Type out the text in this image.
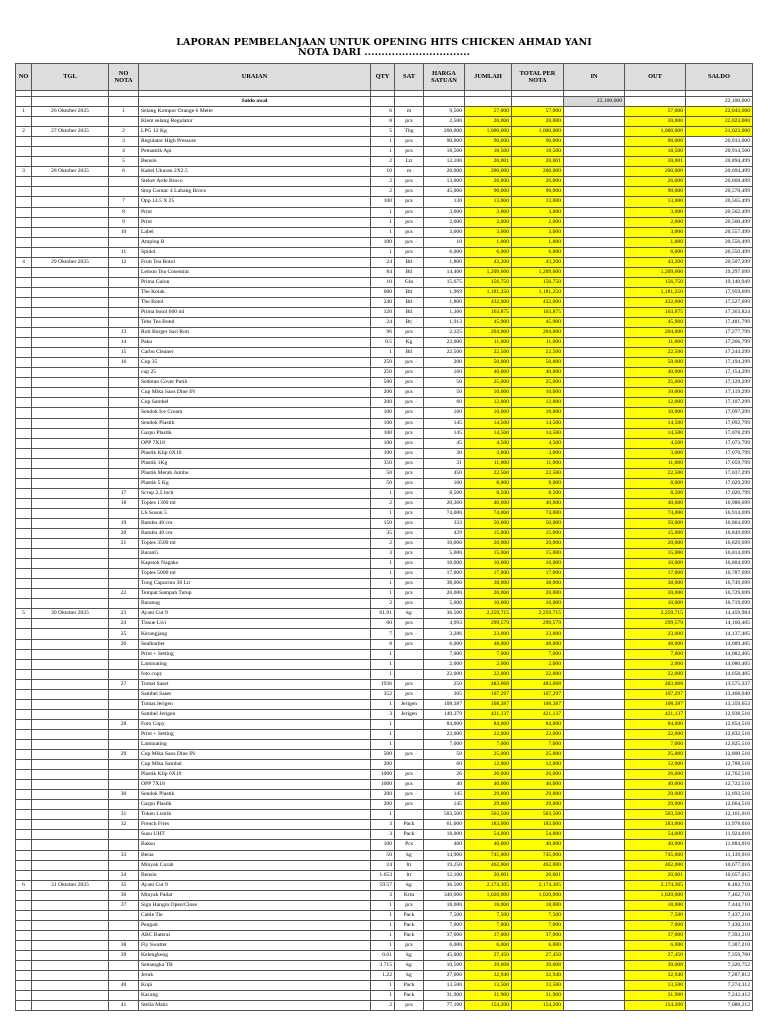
LAPORAN PEMBELANJAAN UNTUK OPENING HITS CHICKEN AHMAD YANI
NOTA DARI ...............................
NO	TGL	NO NOTA	URAIAN	QTY	SAT	HARGA SATUAN	JUMLAH	TOTAL PER NOTA	IN	OUT	SALDO

			Saldo awal						22,100,000		22,100,000
1	26 Oktober 2025	1	Selang Kompor Orange 6 Meter	6	m	9,500	57,000	57,000		57,000	22,043,000
			Klem selang Regulator	8	pcs	2,500	20,000	20,000		20,000	22,023,000
2	27 Oktober 2025	2	LPG 12 Kg	5	Tbg	200,000	1,000,000	1,000,000		1,000,000	21,023,000
		3	Regulator High Pressure	1	pcs	90,000	90,000	90,000		90,000	20,933,000
		4	Pemantik Api	1	pcs	18,500	18,500	18,500		18,500	20,914,500
		5	Bensin	2	Ltr	12,100	20,001	20,001		20,001	20,894,499
3	28 Oktober 2025	6	Kabel Ukuran 2X2.5	10	m	20,000	200,000	200,000		200,000	20,694,499
			Steker Arde Broco	2	pcs	13,000	26,000	26,000		26,000	20,668,499
			Stop Contac 4 Lubang Broco	2	pcs	45,000	90,000	90,000		90,000	20,578,499
		7	Opp 14.5 X 25	100	pcs	130	13,000	13,000		13,000	20,565,499
		8	Print	1	pcs	3,000	3,000	3,000		3,000	20,562,499
		9	Print	1	pcs	2,000	2,000	2,000		2,000	20,560,499
		10	Label	1	pcs	3,000	3,000	3,000		3,000	20,557,499
			Amplop B	100	pcs	10	1,000	1,000		1,000	20,556,499
		11	Spidol	1	pcs	6,000	6,000	6,000		6,000	20,550,499
4	29 Oktober 2025	12	Fruit Tea Botol	24	Btl	1,800	43,200	43,200		43,200	20,507,299
			Lemon Tea Cosentrat	84	Btl	14,400	1,209,600	1,209,600		1,209,600	19,297,699
			Prima Galon	10	Gln	15,675	156,750	156,750		156,750	19,140,949
			The Kotak	600	Btl	1,969	1,181,250	1,181,250		1,181,250	17,959,699
			The Botol	240	Btl	1,800	432,000	432,000		432,000	17,527,699
			Prima botol 600 ml	120	Btl	1,366	163,875	163,875		163,875	17,363,824
			Tebs Tea Botol	24	Bt;	1,913	45,900	45,900		45,900	17,481,799
		13	Roti Burger Sari Roti	96	pcs	2,125	204,000	204,000		204,000	17,277,799
		14	Paku	0.5	Kg	22,000	11,000	11,000		11,000	17,266,799
		15	Carbu Cleaner	1	Btl	22,500	22,500	22,500		22,500	17,244,299
		16	Cup 35	250	pcs	200	50,000	50,000		50,000	17,194,299
			cup 25	250	pcs	160	40,000	40,000		40,000	17,154,299
			Sedotan Cover Putih	500	pcs	50	25,000	25,000		25,000	17,129,299
			Cup Mika Saos Dine IN	200	pcs	50	10,000	10,000		10,000	17,119,299
			Cup Sambel	200	pcs	60	12,000	12,000		12,000	17,107,299
			Sendok Ice Cream	100	pcs	100	10,000	10,000		10,000	17,097,299
			Sendok Plastik	100	pcs	145	14,500	14,500		14,500	17,092,799
			Garpu Plastik	100	pcs	145	14,500	14,500		14,500	17,078,299
			OPP 7X18	100	pcs	45	4,500	4,500		4,500	17,073,799
			Plastik Klip 6X10	100	pcs	30	3,000	3,000		3,000	17,070,799
			Plastik 1Kg	350	pcs	31	11,000	11,000		11,000	17,059,799
			Plastik Merah Jumbo	50	pcs	450	22,500	22,500		22,500	17,037,299
			Plastik 5 Kg	50	pcs	160	8,000	8,000		8,000	17,029,299
		17	Scrup 2,5 inch	1	pcs	8,500	8,500	8,500		8,500	17,020,799
		18	Toples 1300 ml	2	pcs	20,300	40,600	40,600		40,600	16,988,699
			LS Susun 5	1	pcs	74,000	74,000	74,000		74,000	16,914,699
		19	Bambu 40 cm	150	pcs	333	50,000	50,000		50,000	16,864,699
		20	Bambu 40 cm	35	pcs	429	15,000	15,000		15,000	16,849,699
		21	Toples 3500 ml	2	pcs	10,000	20,000	20,000		20,000	16,829,699
			BaranG	3	pcs	5,000	15,000	15,000		15,000	16,814,699
			Kapstok Nagako	1	pcs	10,000	10,000	10,000		10,000	16,804,699
			Toples 5000 ml	1	pcs	17,000	17,000	17,000		17,000	16,787,699
			Tong Capucino 30 Ltr	1	pcs	38,000	38,000	38,000		38,000	16,749,699
		22	Tempat Sampah Tutup	1	pcs	20,000	20,000	20,000		20,000	16,729,699
			Baranug	2	pcs	5,000	10,000	10,000		10,000	16,719,699
5	30 Oktober 2025	23	Ayam Cut 9	61.91	kg	36,500	2,259,715	2,259,715		2,259,715	14,459,984
		24	Tissue Livi	60	pcs	4,993	299,579	299,579		299,579	14,160,405
		25	Kerangjang	7	pcs	3,286	23,000	23,000		23,000	14,137,405
		26	Sealbarber	8	pcs	6,000	48,000	48,000		48,000	14,089,405
			Print + Setting	1		7,000	7,000	7,000		7,000	14,082,405
			Laminating	1		2,000	2,000	2,000		2,000	14,080,405
			foto copy	1		22,000	22,000	22,000		22,000	14,058,405
		27	Tomat Saset	1936	pcs	250	483,068	483,068		483,068	13,575,337
			Sambel Saset	352	pcs	305	107,297	107,297		107,297	13,468,040
			Tomat Jerigen	1	Jerigen	108,387	108,387	108,387		108,387	13,359,653
			Sambel Jerigen	3	Jerigen	140,379	421,137	421,137		421,137	12,938,516
		28	Foto Copy	1		84,000	84,000	84,000		84,000	12,854,516
			Print + Setting	1		22,000	22,000	22,000		22,000	12,832,516
			Laminating	1		7,000	7,000	7,000		7,000	12,825,516
		29	Cup Mika Saos Dine IN	500	pcs	50	25,000	25,000		25,000	12,800,516
			Cup Mika Sambal	200		60	12,000	12,000		12,000	12,788,516
			Plastik Klip 6X10	1000	pcs	26	26,000	26,000		26,000	12,762,516
			OPP 7X18	1000	pcs	40	40,000	40,000		40,000	12,722,516
		30	Sendok Plastik	200	pcs	145	29,000	29,000		29,000	12,693,516
			Garpu Plastik	200	pcs	145	29,000	29,000		29,000	12,664,516
		31	Token Listrik	1		503,500	503,500	503,500		503,500	12,161,016
		32	French Fries	3	Pack	61,000	183,000	183,000		183,000	11,978,016
			Susu UHT	3	Pack	18,000	54,000	54,000		54,000	11,924,016
			Bakso	100	Pcs	400	40,000	40,000		40,000	11,884,016
		33	Beras	50	kg	14,900	745,000	745,000		745,000	11,139,016
			Minyak Curah	24	ltr	19,250	462,000	462,000		462,000	10,677,016
		34	Bensin	1.653	ltr	12,100	20,001	20,001		20,001	10,657,015
6	31 Oktober 2025	35	Ayam Cut 9	59.57	kg	36,500	2,174,305	2,174,305		2,174,305	8,482,710
		36	Minyak Padat	3	Krtn	340,000	1,020,000	1,020,000		1,020,000	7,462,710
		37	Sign Hangin Open/Close	1	pcs	18,000	18,000	18,000		18,000	7,444,710
			Cable Tie	1	Pack	7,500	7,500	7,500		7,500	7,437,210
			Pengait	1	Pack	7,000	7,000	7,000		7,000	7,430,210
			ABC Baterai	1	Pack	37,000	37,000	37,000		37,000	7,393,210
		38	Fly Swatter	1	pcs	6,000	6,000	6,000		6,000	7,387,210
		39	Kelengkeng	0.61	kg	45,000	27,450	27,450		27,450	7,359,760
			Semangka TB	3.715	kg	10,500	39,008	39,008		39,008	7,320,752
			Jeruk	1.22	kg	27,000	32,940	32,940		32,940	7,287,812
		40	Kopi	1	Pack	13,500	13,500	13,500		13,500	7,274,312
			Kacang	1	Pack	31,900	31,900	31,900		31,900	7,242,412
		41	Stella Matic	2	pcs	77,100	154,200	154,200		154,200	7,088,212
